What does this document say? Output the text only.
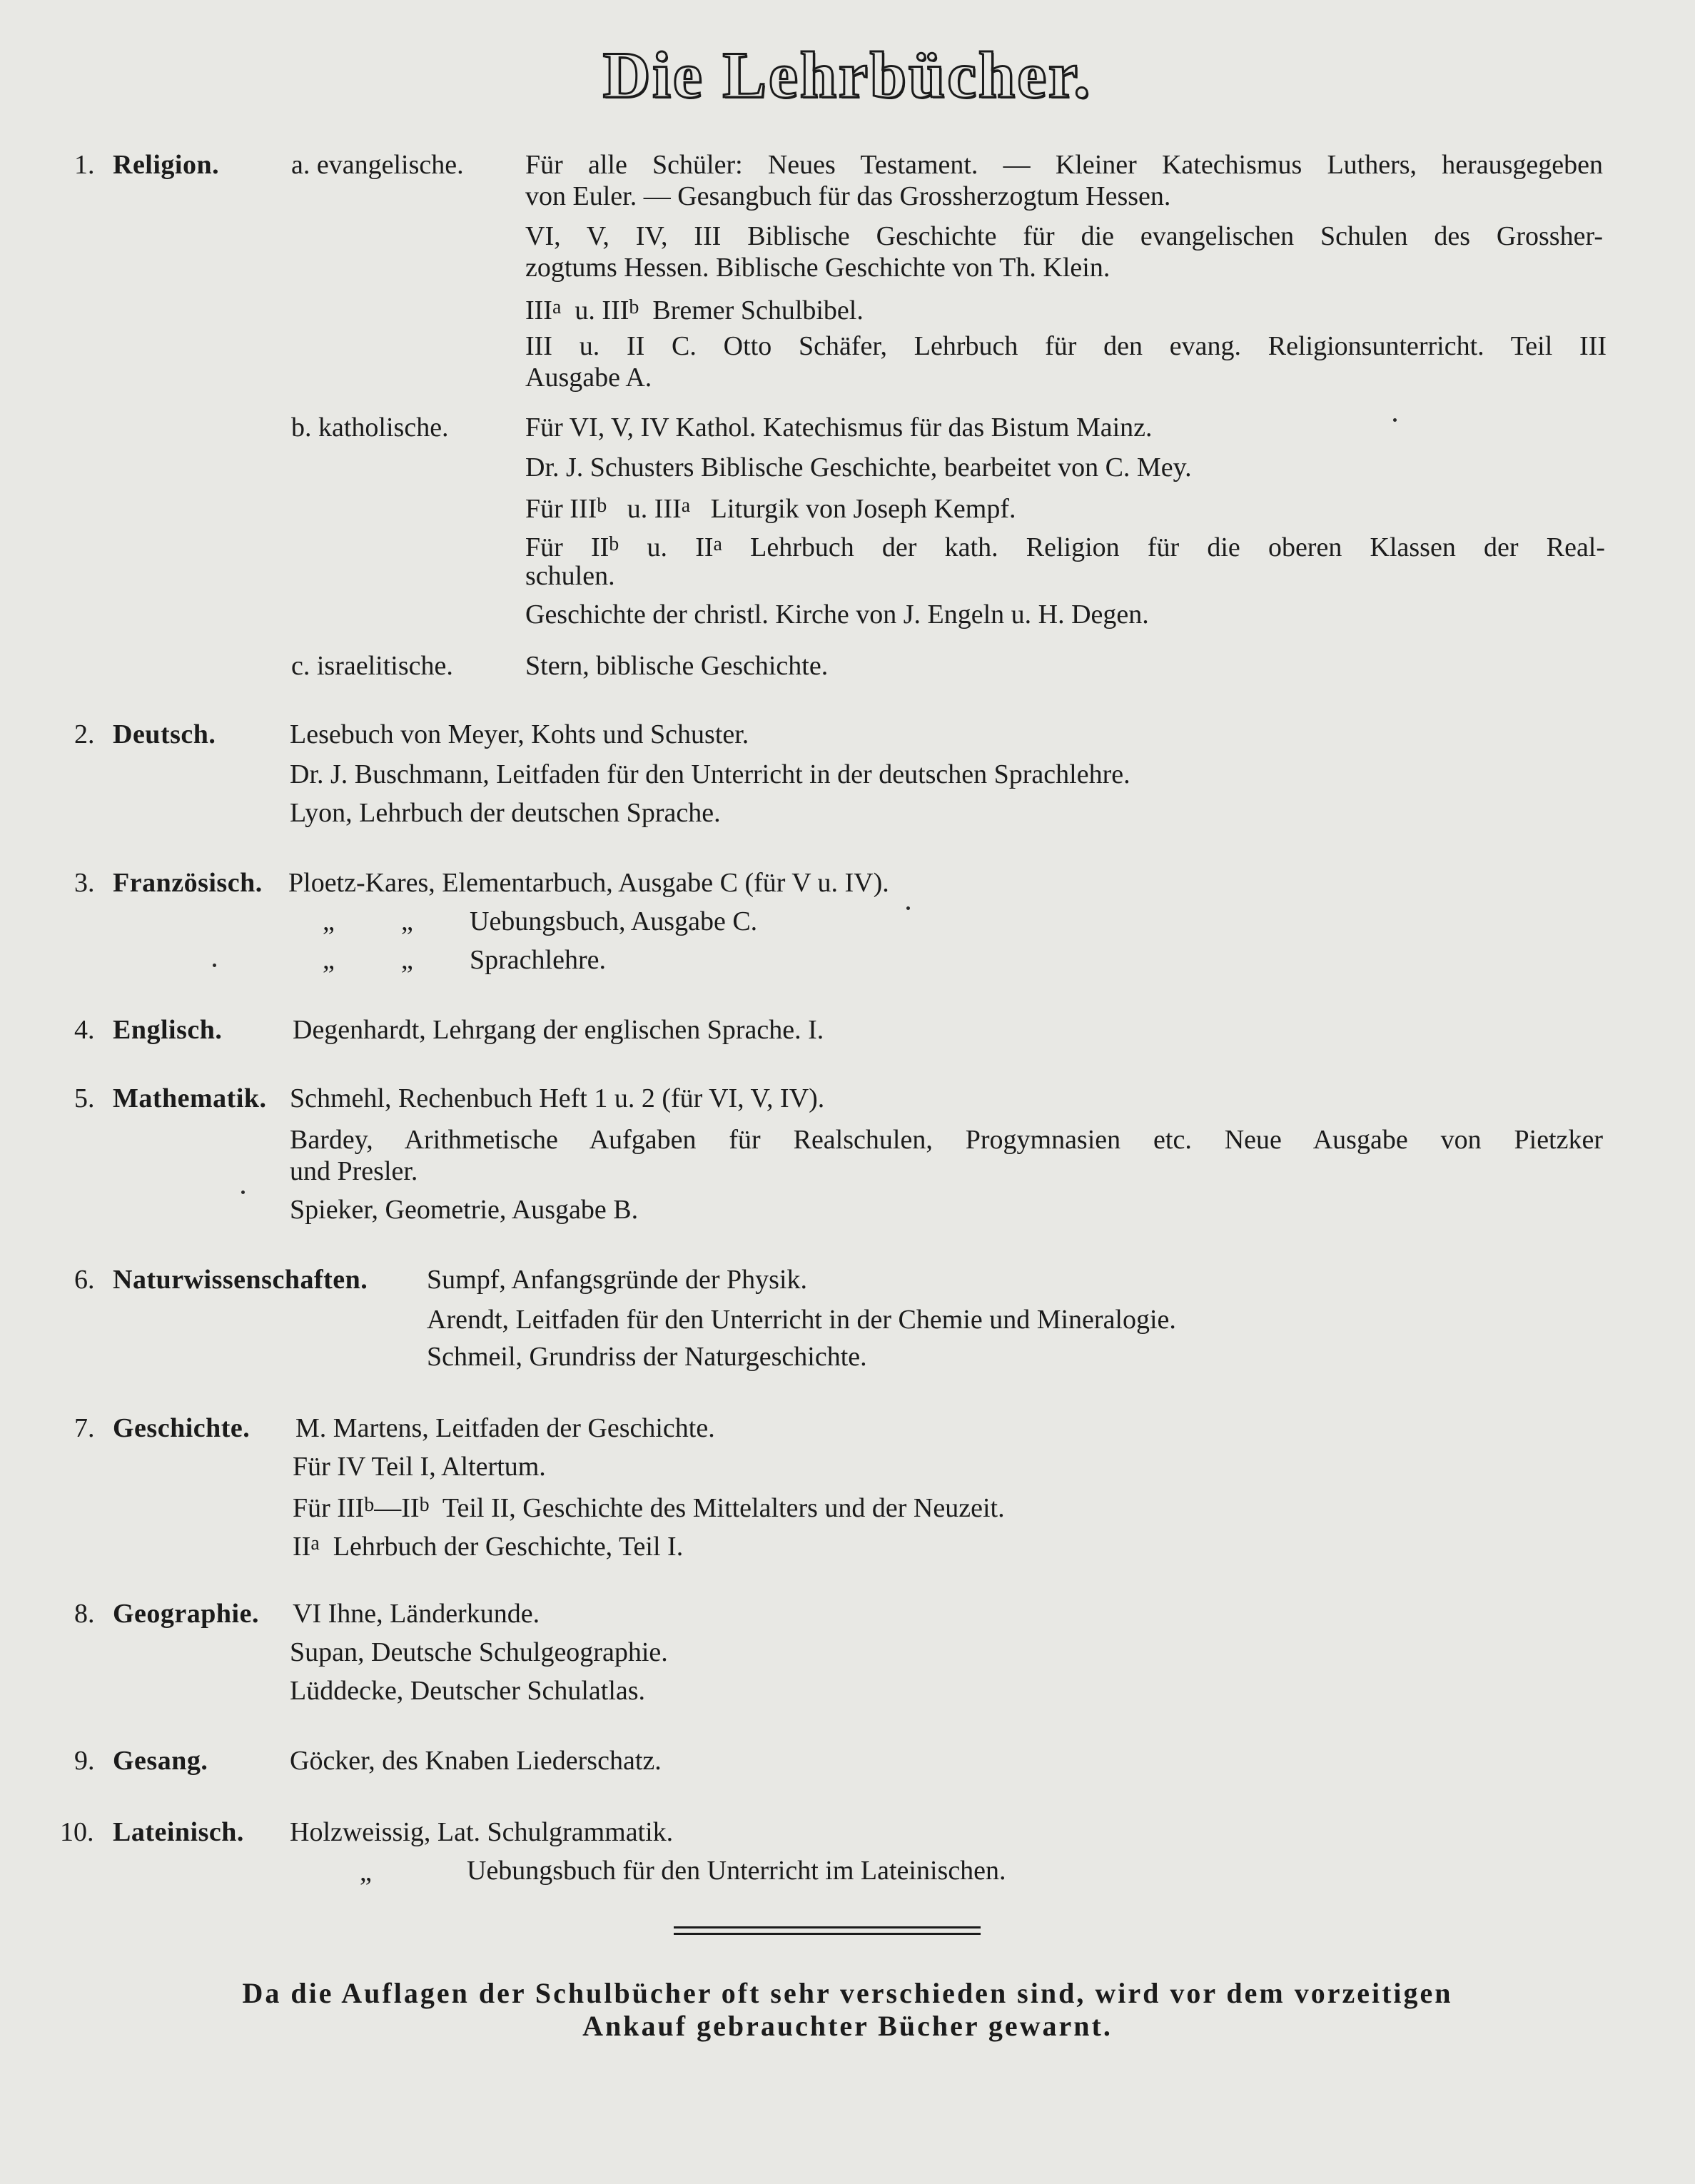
Die Lehrbücher.
1. Religion.	a. evangelische. Für alle Schüler: Neues Testament. — Kleiner Katechismus Luthers, herausgegeben
von Euler. — Gesangbuch für das Grossherzogtum Hessen.
VI, V, IV, III Biblische Geschichte für die evangelischen Schulen des Grossher-
zogtums Hessen. Biblische Geschichte von Th. Klein.
III$^a$ u. III$^b$ Bremer Schulbibel.
III u. II C. Otto Schäfer, Lehrbuch für den evang. Religionsunterricht. Teil III
Ausgabe A.
b. katholische.	Für VI, V, IV Kathol. Katechismus für das Bistum Mainz.
Dr. J. Schusters Biblische Geschichte, bearbeitet von C. Mey.
Für III$^b$ u. III$^a$ Liturgik von Joseph Kempf.
Für $II^b$ u. $II^a$ Lehrbuch der kath. Religion für die oberen Klassen der Real-
schulen.
Geschichte der christl. Kirche von J. Engeln u. H. Degen.
c. israelitische.	Stern, biblische Geschichte.
2. Deutsch.	Lesebuch von Meyer, Kohts und Schuster.
Dr. J. Buschmann, Leitfaden für den Unterricht in der deutschen Sprachlehre.
Lyon, Lehrbuch der deutschen Sprache.
3. Französisch. Ploetz-Kares, Elementarbuch, Ausgabe C (für V u. IV).
„ „ Uebungsbuch, Ausgabe C.
„ „ Sprachlehre.
4. Englisch.	Degenhardt, Lehrgang der englischen Sprache. I.
5. Mathematik. Schmehl, Rechenbuch Heft 1 u. 2 (für VI, V, IV).
Bardey, Arithmetische Aufgaben für Realschulen, Progymnasien etc. Neue Ausgabe von Pietzker
und Presler.
Spieker, Geometrie, Ausgabe B.
6. Naturwissenschaften. Sumpf, Anfangsgründe der Physik.
Arendt, Leitfaden für den Unterricht in der Chemie und Mineralogie.
Schmeil, Grundriss der Naturgeschichte.
7. Geschichte. M. Martens, Leitfaden der Geschichte.
Für IV Teil I, Altertum.
Für $III^b—II^b$ Teil II, Geschichte des Mittelalters und der Neuzeit.
$II^a$ Lehrbuch der Geschichte, Teil I.
8. Geographie. VI Ihne, Länderkunde.
Supan, Deutsche Schulgeographie.
Lüddecke, Deutscher Schulatlas.
9. Gesang.	Göcker, des Knaben Liederschatz.
10. Lateinisch. Holzweissig, Lat. Schulgrammatik.
„	Uebungsbuch für den Unterricht im Lateinischen.
Da die Auflagen der Schulbücher oft sehr verschieden sind, wird vor dem vorzeitigen
Ankauf gebrauchter Bücher gewarnt.
